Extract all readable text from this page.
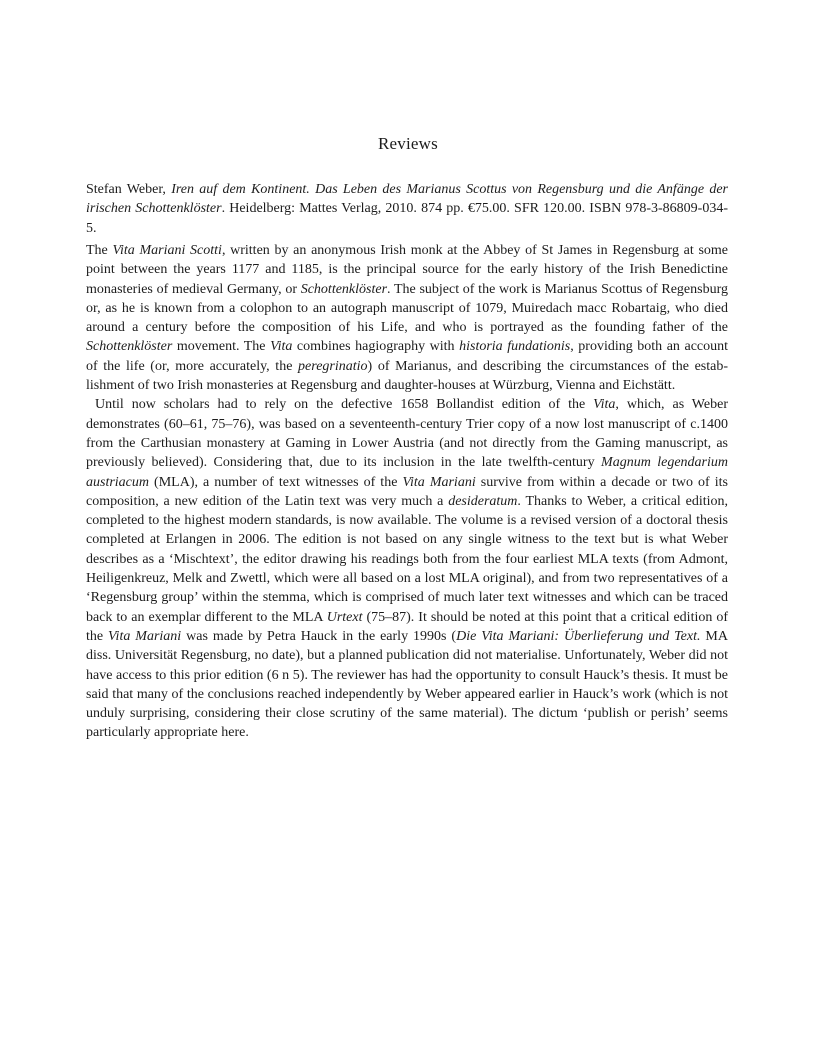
Reviews

Stefan Weber, Iren auf dem Kontinent. Das Leben des Marianus Scottus von Regensburg und die Anfänge der irischen Schottenklöster. Heidelberg: Mattes Verlag, 2010. 874 pp. €75.00. SFR 120.00. ISBN 978-3-86809-034-5.

The Vita Mariani Scotti, written by an anonymous Irish monk at the Abbey of St James in Regensburg at some point between the years 1177 and 1185, is the principal source for the early history of the Irish Benedictine monasteries of medieval Germany, or Schottenklöster. The subject of the work is Marianus Scottus of Regensburg or, as he is known from a colophon to an autograph manuscript of 1079, Muiredach macc Robartaig, who died around a century before the composition of his Life, and who is portrayed as the founding father of the Schottenklöster movement. The Vita combines hagiography with historia fundationis, providing both an account of the life (or, more accurately, the peregrinatio) of Marianus, and describing the circumstances of the establishment of two Irish monasteries at Regensburg and daughter-houses at Würzburg, Vienna and Eichstätt.

Until now scholars had to rely on the defective 1658 Bollandist edition of the Vita, which, as Weber demonstrates (60–61, 75–76), was based on a seventeenth-century Trier copy of a now lost manuscript of c.1400 from the Carthusian monastery at Gaming in Lower Austria (and not directly from the Gaming manuscript, as previously believed). Considering that, due to its inclusion in the late twelfth-century Magnum legendarium austriacum (MLA), a number of text witnesses of the Vita Mariani survive from within a decade or two of its composition, a new edition of the Latin text was very much a desideratum. Thanks to Weber, a critical edition, completed to the highest modern standards, is now available. The volume is a revised version of a doctoral thesis completed at Erlangen in 2006. The edition is not based on any single witness to the text but is what Weber describes as a ‘Mischtext’, the editor drawing his readings both from the four earliest MLA texts (from Admont, Heiligenkreuz, Melk and Zwettl, which were all based on a lost MLA original), and from two representatives of a ‘Regensburg group’ within the stemma, which is comprised of much later text witnesses and which can be traced back to an exemplar different to the MLA Urtext (75–87). It should be noted at this point that a critical edition of the Vita Mariani was made by Petra Hauck in the early 1990s (Die Vita Mariani: Überlieferung und Text. MA diss. Universität Regensburg, no date), but a planned publication did not materialise. Unfortunately, Weber did not have access to this prior edition (6 n 5). The reviewer has had the opportunity to consult Hauck’s thesis. It must be said that many of the conclusions reached independently by Weber appeared earlier in Hauck’s work (which is not unduly surprising, considering their close scrutiny of the same material). The dictum ‘publish or perish’ seems particularly appropriate here.
